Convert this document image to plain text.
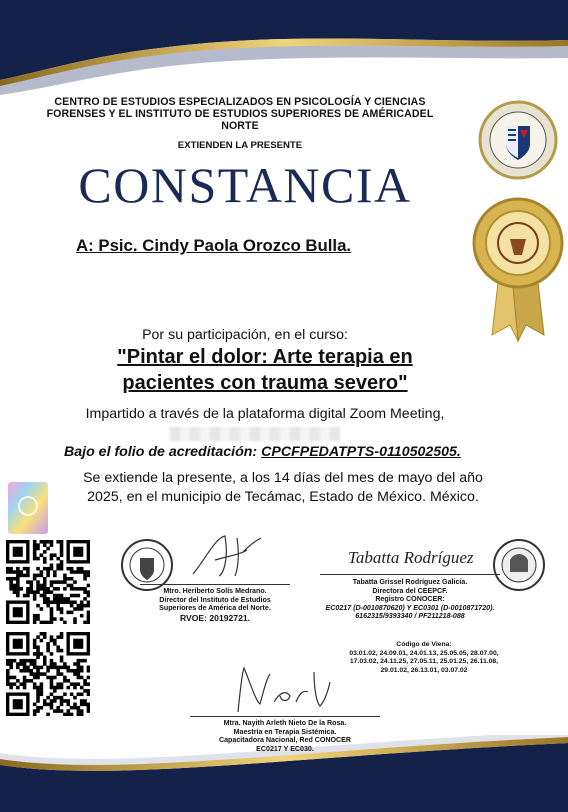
CENTRO DE ESTUDIOS ESPECIALIZADOS EN PSICOLOGÍA Y CIENCIAS FORENSES Y EL INSTITUTO DE ESTUDIOS SUPERIORES DE AMÉRICADEL NORTE
EXTIENDEN LA PRESENTE
CONSTANCIA
A: Psic. Cindy Paola Orozco Bulla.
Por su participación, en el curso:
"Pintar el dolor: Arte terapia en
pacientes con trauma severo"
Impartido a través de la plataforma digital Zoom Meeting,
Bajo el folio de acreditación: CPCFPEDATPTS-0110502505.
Se extiende la presente, a los 14 días del mes de mayo del año
2025, en el municipio de Tecámac, Estado de México. México.
Mtro. Heriberto Solís Medrano.
Director del Instituto de Estudios
Superiores de América del Norte.
RVOE: 20192721.
Tabatta Rodríguez
Tabatta Grissel Rodríguez Galicia.
Directora del CEEPCF.
Registro CONOCER:
EC0217 (D-0010870620) Y EC0301 (D-0010871720).
6162315/9393340 / PF211218-088
Código de Viena:
03.01.02, 24.09.01, 24.01.13, 25.05.05, 28.07.00,
17.03.02, 24.11.25, 27.05.11, 25.01.25, 26.11.08,
29.01.02, 26.13.01, 03.07.02
Mtra. Nayith Arleth Nieto De la Rosa.
Maestría en Terapia Sistémica.
Capacitadora Nacional, Red CONOCER
EC0217 Y EC030.
